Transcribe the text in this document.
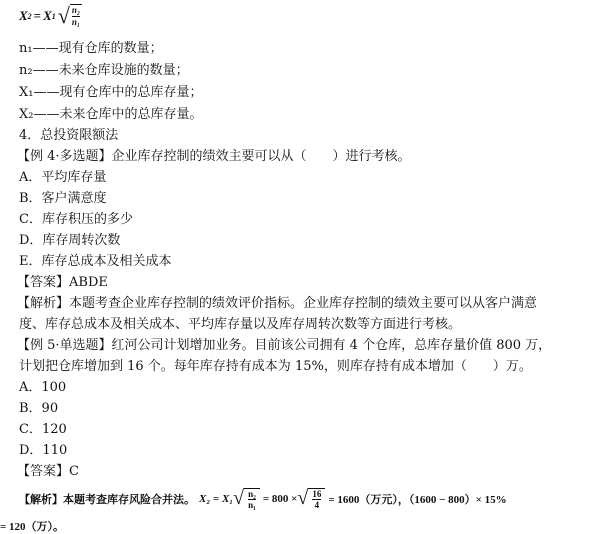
X 2 = X 1 √ $\frac{\text{n₂}}{\text{n₁}}$
n₁——现有仓库的数量；
n₂——未来仓库设施的数量；
X₁——现有仓库中的总库存量；
X₂——未来仓库中的总库存量。
4．总投资限额法
【例 4·多选题】企业库存控制的绩效主要可以从（　　）进行考核。
A．平均库存量
B．客户满意度
C．库存积压的多少
D．库存周转次数
E．库存总成本及相关成本
【答案】ABDE
【解析】本题考查企业库存控制的绩效评价指标。企业库存控制的绩效主要可以从客户满意
度、库存总成本及相关成本、平均库存量以及库存周转次数等方面进行考核。
【例 5·单选题】红河公司计划增加业务。目前该公司拥有 4 个仓库，总库存量价值 800 万，
计划把仓库增加到 16 个。每年库存持有成本为 15%，则库存持有成本增加（　　）万。
A．100
B．90
C．120
D．110
【答案】C
【解析】本题考查库存风险合并法。 X₂ = X₁ √ $\frac{\text{n₂}}{\text{n₁}} = 800$ × √ $\frac{16}{4} = 1600$（万元），（1600 − 800）× 15%
= 120（万）。
